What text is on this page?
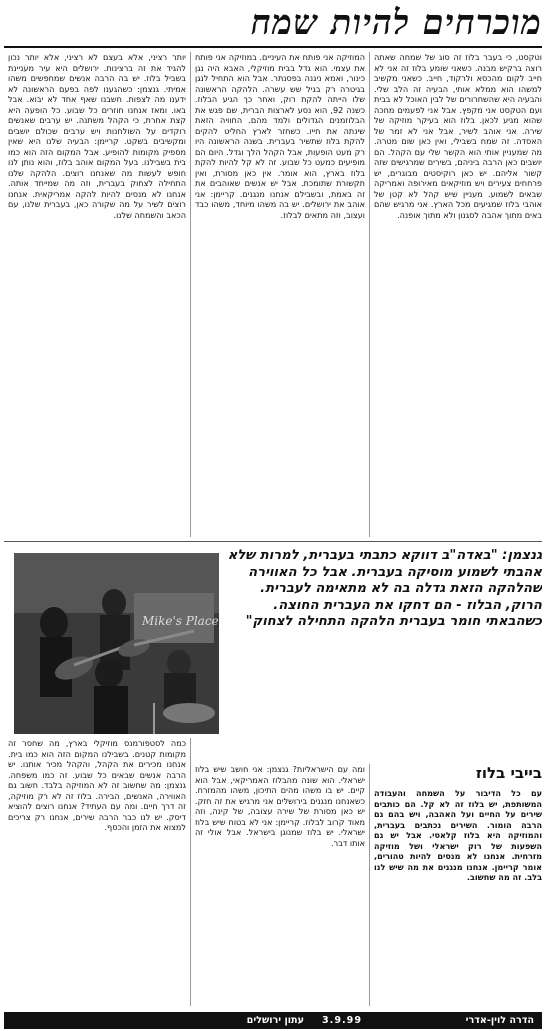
מוכרחים להיות שמח
וטקסט, כי בעבר בלוז זה סוג של שמחה שאתה רוצה ברקיש מבנה. כשאני שומע בלוז זה אני לא חייב לקום מהכסא ולרקוד, חייב. כשאני מקשיב למשהו הוא ממלא אותי, הבעיה זה הלב שלי. והבעיה היא שהשחרורים של לבין האוכל לא בבית ועם הטקסט אני מקפץ. אבל אני לפעמים מחכה שהוא מגיע לכאן. בלוז הוא בעיקר מוזיקה של שירה. אני אוהב לשיר, אבל אני לא זמר של האסדה. זה שמח בשבילי, ואין כאן שום מטרה. מה שמעניין אותי הוא הקשר שלי עם הקהל. הם יושבים כאן הרבה ביניהם, בשירים שמרגישים שזה קשור אליהם. יש כאן רוקיסטים מבוגרים, יש פרחחים צעירים ויש מוזיקאים מאירופה ואמריקה שבאים לשמוע. מעניין שיש קהל לא קטן של אוהבי בלוז שמגיעים מכל הארץ. אני מרגיש שהם באים מתוך אהבה לסגנון ולא מתוך אופנה.
המוזיקה אני פותח את העיניים. במוזיקה אני פותח את עצמי. הוא גדל בבית מוזיקלי, האבא היה נגן כינור, ואמא ניגנה בפסנתר. אבל הוא התחיל לנגן בגיטרה רק בגיל שש עשרה. הלהקה הראשונה שלו הייתה להקת רוק, ואחר כך הגיע הבלוז. כשנה 92, הוא נסע לארצות הברית, שם פגש את הבלוזמנים הגדולים ולמד מהם. החוויה הזאת שינתה את חייו. כשחזר לארץ החליט להקים להקת בלוז שתשיר בעברית. בשנה הראשונה היו רק מעט הופעות, אבל הקהל הלך וגדל. היום הם מופיעים כמעט כל שבוע. זה לא קל להיות להקת בלוז בארץ, הוא אומר. אין כאן מסורת, ואין תקשורת שתומכת. אבל יש אנשים שאוהבים את זה באמת, ובשבילם אנחנו מנגנים. קריימן: אני אוהב את ירושלים. יש בה משהו מיוחד, משהו כבד ועצוב, וזה מתאים לבלוז.
יותר רציני, אלא בעצם לא רציני, אלא יותר נכון להגיד את זה ברצינות. ירושלים היא עיר מעניינת בשביל בלוז. יש בה הרבה אנשים שמחפשים משהו אמיתי. גנצמן: כשהגענו לפה בפעם הראשונה לא ידענו מה לצפות. חשבנו שאף אחד לא יבוא. אבל באו. ומאז אנחנו חוזרים כל שבוע. כל הופעה היא קצת אחרת, כי הקהל משתנה. יש ערבים שאנשים רוקדים על השולחנות ויש ערבים שכולם יושבים ומקשיבים בשקט. קריימן: הבעיה שלנו היא שאין מספיק מקומות להופיע. אבל המקום הזה הוא כמו בית בשבילנו. בעל המקום אוהב בלוז, והוא נותן לנו חופש לעשות מה שאנחנו רוצים. הלהקה שלנו התחילה לצחוק בעברית, וזה מה שמייחד אותה. אנחנו לא מנסים להיות להקה אמריקאית. אנחנו רוצים לשיר על מה שקורה כאן, בעברית שלנו, עם הכאב והשמחה שלנו.
גנצמן: "באדה"ב דווקא כתבתי בעברית, למרות שלא אהבתי לשמוע מוסיקה בעברית. אבל כל האווירה שהלהקה הזאת גדלה בה לא מתאימה לעברית. הרוק, הבלוז - הם דחקו את העברית החוצה. כשהבאתי חומר בעברית הלהקה התחילה לצחוק"
Mike's Place
בייבי בלוז
עם כל הדיבור על השמחה והעבודה המשותפת, יש בלוז זה לא קל. הם כותבים שירים על החיים ועל האהבה, ויש בהם גם הרבה הומור. השירים נכתבים בעברית, והמוזיקה היא בלוז קלאסי. אבל יש גם השפעות של רוק ישראלי ושל מוזיקה מזרחית. אנחנו לא מנסים להיות טהורים, אומר קריימן. אנחנו מנגנים את מה שיש לנו בלב. זה מה שחשוב.
ומה עם הישראליות? גנצמן: אני חושב שיש בלוז ישראלי. הוא שונה מהבלוז האמריקאי, אבל הוא קיים. יש בו משהו מהים התיכון, משהו מהמזרח. כשאנחנו מנגנים בירושלים אני מרגיש את זה חזק. יש כאן מסורת של שירה עצובה, של קינה, וזה מאוד קרוב לבלוז. קריימן: אני לא בטוח שיש בלוז ישראלי. יש בלוז שמנוגן בישראל. אבל אולי זה אותו דבר.
כמה לסטפורמנס מוזיקלי בארץ, מה שחסר זה מקומות קטנים. בשבילנו המקום הזה הוא כמו בית. אנחנו מכירים את הקהל, והקהל מכיר אותנו. יש הרבה אנשים שבאים כל שבוע. זה כמו משפחה. גנצמן: מה שחשוב זה לא המוזיקה בלבד. חשוב גם האווירה, האנשים, הבירה. בלוז זה לא רק מוזיקה, זה דרך חיים. ומה עם העתיד? אנחנו רוצים להוציא דיסק. יש לנו כבר הרבה שירים, אנחנו רק צריכים למצוא את הזמן והכסף.
הדרה לוין-אדרי
3.9.99
עתון ירושלים
